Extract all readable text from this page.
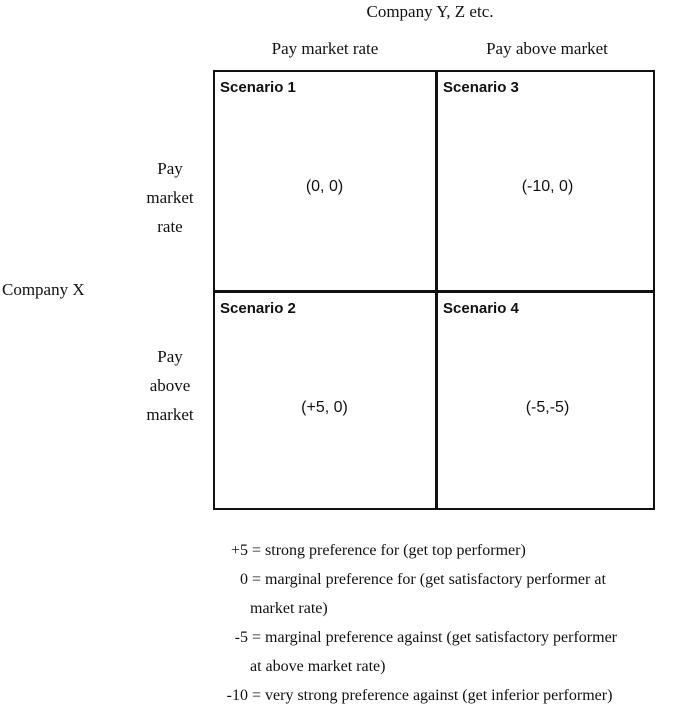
Company Y, Z etc.
Pay market rate	Pay above market
Company X
Pay
market
rate
Pay
above
market
Scenario 1
(0, 0)
Scenario 3
(-10, 0)
Scenario 2
(+5, 0)
Scenario 4
(-5,-5)
+5 = strong preference for (get top performer)
0 = marginal preference for (get satisfactory performer at
market rate)
-5 = marginal preference against (get satisfactory performer
at above market rate)
-10 = very strong preference against (get inferior performer)
